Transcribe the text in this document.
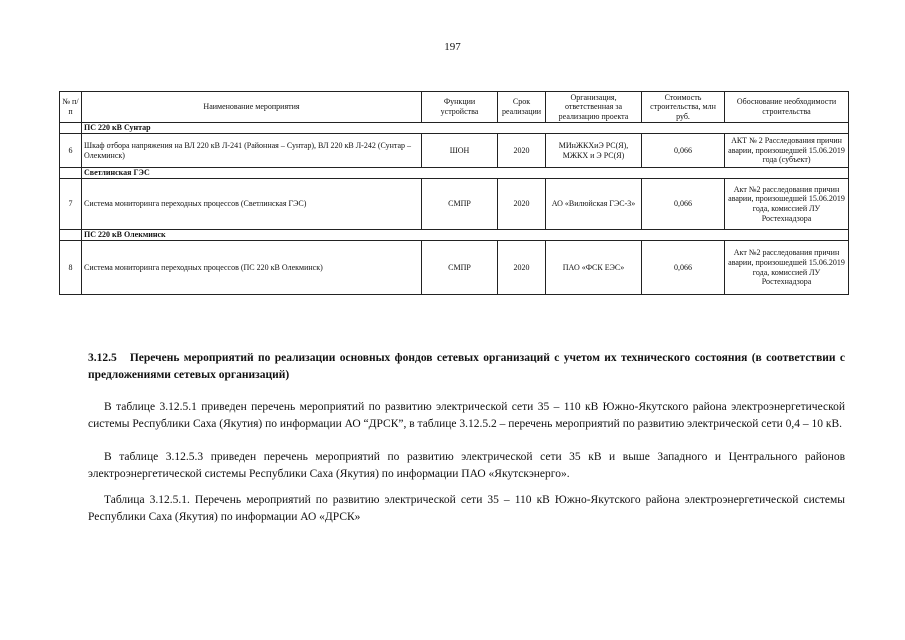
197
№ п/п	Наименование мероприятия	Функции устройства	Срок реализации	Организация, ответственная за реализацию проекта	Стоимость строительства, млн руб.	Обоснование необходимости строительства
	ПС 220 кВ Сунтар					
6	Шкаф отбора напряжения на ВЛ 220 кВ Л-241 (Районная – Сунтар), ВЛ 220 кВ Л-242 (Сунтар – Олекминск)	ШОН	2020	МИнЖКХиЭ РС(Я), МЖКХ и Э РС(Я)	0,066	АКТ № 2 Расследования причин аварии, произошедшей 15.06.2019 года (субъект)
	Светлинская ГЭС					
7	Система мониторинга переходных процессов (Светлинская ГЭС)	СМПР	2020	АО «Вилюйская ГЭС-3»	0,066	Акт №2 расследования причин аварии, произошедшей 15.06.2019 года, комиссией ЛУ Ростехнадзора
	ПС 220 кВ Олекминск					
8	Система мониторинга переходных процессов (ПС 220 кВ Олекминск)	СМПР	2020	ПАО «ФСК ЕЭС»	0,066	Акт №2 расследования причин аварии, произошедшей 15.06.2019 года, комиссией ЛУ Ростехнадзора
3.12.5 Перечень мероприятий по реализации основных фондов сетевых организаций с учетом их технического состояния (в соответствии с предложениями сетевых организаций)
В таблице 3.12.5.1 приведен перечень мероприятий по развитию электрической сети 35 – 110 кВ Южно-Якутского района электроэнергетической системы Республики Саха (Якутия) по информации АО “ДРСК”, в таблице 3.12.5.2 – перечень мероприятий по развитию электрической сети 0,4 – 10 кВ.
В таблице 3.12.5.3 приведен перечень мероприятий по развитию электрической сети 35 кВ и выше Западного и Центрального районов электроэнергетической системы Республики Саха (Якутия) по информации ПАО «Якутскэнерго».
Таблица 3.12.5.1. Перечень мероприятий по развитию электрической сети 35 – 110 кВ Южно-Якутского района электроэнергетической системы Республики Саха (Якутия) по информации АО «ДРСК»
